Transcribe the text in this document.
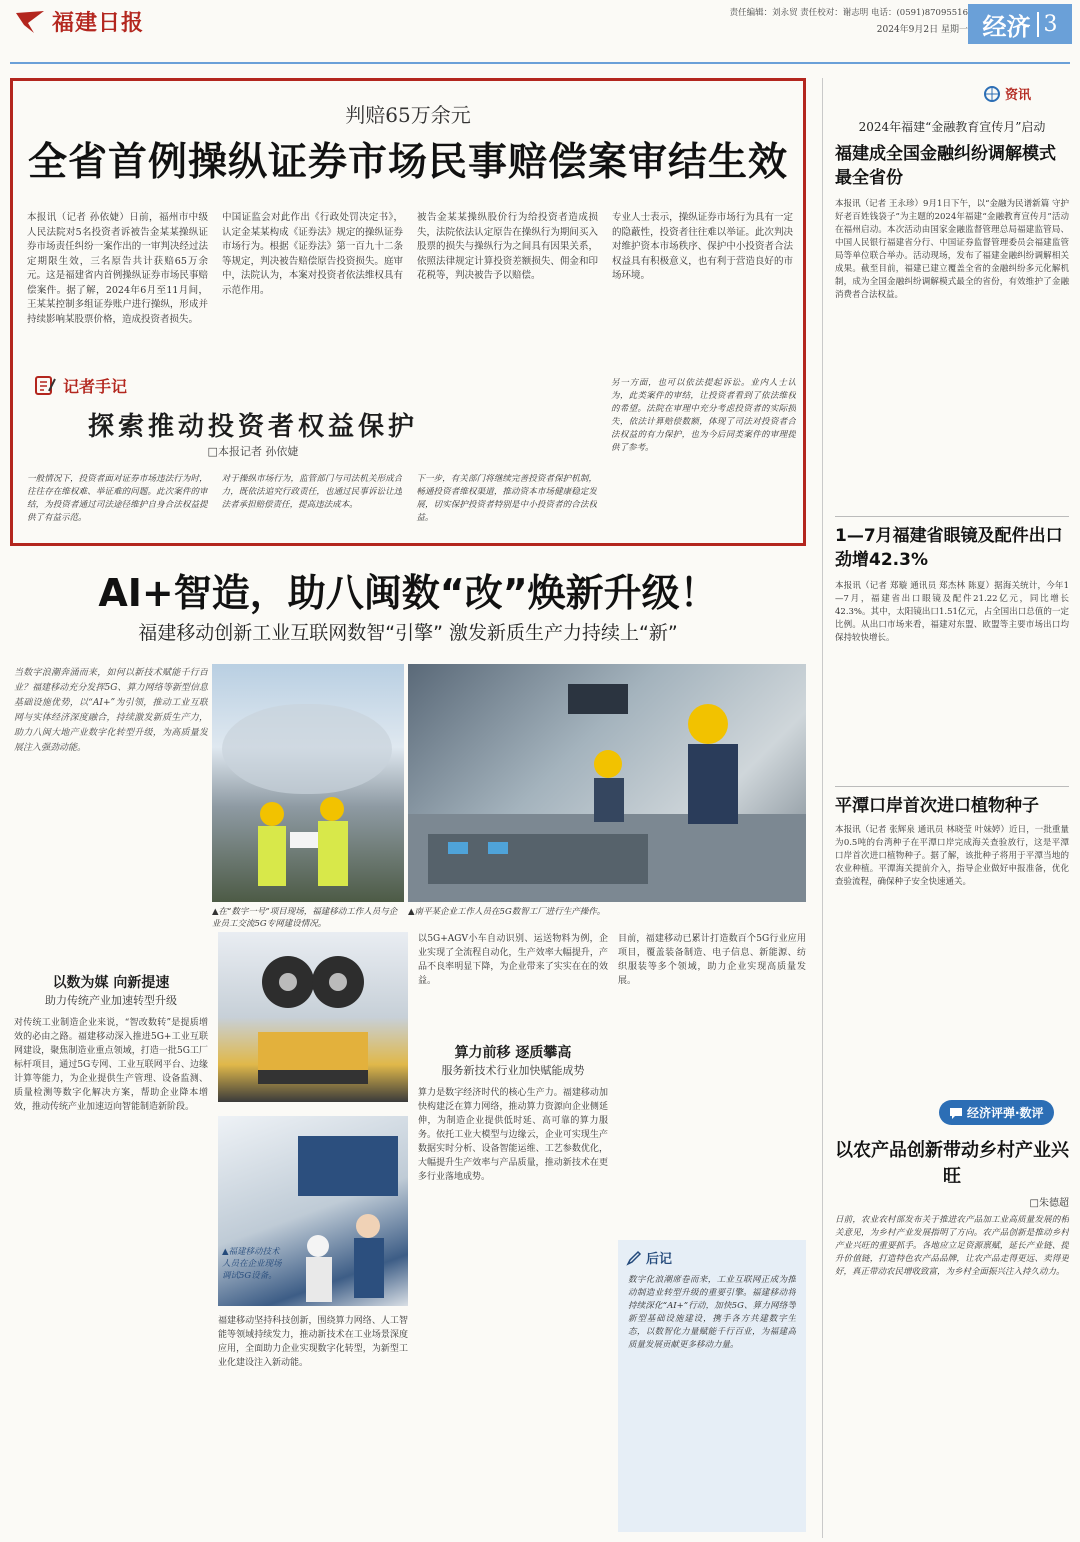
福建日报	责任编辑：刘永贸 责任校对：谢志明 电话：(0591)87095516
2024年9月2日 星期一 经济 3
判赔65万余元
全省首例操纵证券市场民事赔偿案审结生效
本报讯（记者 孙依婕）日前，福州市中级人民法院对5名投资者诉被告金某某操纵证券市场责任纠纷一案作出的一审判决经过法定期限生效，三名原告共计获赔65万余元。这是福建省内首例操纵证券市场民事赔偿案件。据了解，2024年6月至11月间，王某某控制多组证券账户进行操纵，形成并持续影响某股票价格，造成投资者损失。
中国证监会对此作出《行政处罚决定书》，认定金某某构成《证券法》规定的操纵证券市场行为。根据《证券法》第一百九十二条等规定，判决被告赔偿原告投资损失。庭审中，法院认为，本案对投资者依法维权具有示范作用。
被告金某某操纵股价行为给投资者造成损失，法院依法认定原告在操纵行为期间买入股票的损失与操纵行为之间具有因果关系，依照法律规定计算投资差额损失、佣金和印花税等，判决被告予以赔偿。
专业人士表示，操纵证券市场行为具有一定的隐蔽性，投资者往往难以举证。此次判决对维护资本市场秩序、保护中小投资者合法权益具有积极意义，也有利于营造良好的市场环境。
记者手记
探索推动投资者权益保护
□本报记者 孙依婕
一般情况下，投资者面对证券市场违法行为时，往往存在维权难、举证难的问题。此次案件的审结，为投资者通过司法途径维护自身合法权益提供了有益示范。
对于操纵市场行为，监管部门与司法机关形成合力，既依法追究行政责任，也通过民事诉讼让违法者承担赔偿责任，提高违法成本。
下一步，有关部门将继续完善投资者保护机制，畅通投资者维权渠道，推动资本市场健康稳定发展，切实保护投资者特别是中小投资者的合法权益。
另一方面，也可以依法提起诉讼。业内人士认为，此类案件的审结，让投资者看到了依法维权的希望。法院在审理中充分考虑投资者的实际损失，依法计算赔偿数额，体现了司法对投资者合法权益的有力保护，也为今后同类案件的审理提供了参考。
AI+智造，助八闽数“改”焕新升级！
福建移动创新工业互联网数智“引擎” 激发新质生产力持续上“新”
当数字浪潮奔涌而来，如何以新技术赋能千行百业？福建移动充分发挥5G、算力网络等新型信息基础设施优势，以“AI+”为引领，推动工业互联网与实体经济深度融合，持续激发新质生产力，助力八闽大地产业数字化转型升级，为高质量发展注入强劲动能。
▲在“数字一号”项目现场，福建移动工作人员与企业员工交流5G专网建设情况。
▲南平某企业工作人员在5G数智工厂进行生产操作。
以数为媒 向新提速
助力传统产业加速转型升级
对传统工业制造企业来说，“智改数转”是提质增效的必由之路。福建移动深入推进5G+工业互联网建设，聚焦制造业重点领域，打造一批5G工厂标杆项目，通过5G专网、工业互联网平台、边缘计算等能力，为企业提供生产管理、设备监测、质量检测等数字化解决方案，帮助企业降本增效，推动传统产业加速迈向智能制造新阶段。
▲福建移动技术人员在企业现场调试5G设备。
福建移动坚持科技创新，围绕算力网络、人工智能等领域持续发力，推动新技术在工业场景深度应用，全面助力企业实现数字化转型，为新型工业化建设注入新动能。
以5G+AGV小车自动识别、运送物料为例，企业实现了全流程自动化，生产效率大幅提升，产品不良率明显下降，为企业带来了实实在在的效益。
算力前移 逐质攀高
服务新技术行业加快赋能成势
算力是数字经济时代的核心生产力。福建移动加快构建泛在算力网络，推动算力资源向企业侧延伸，为制造企业提供低时延、高可靠的算力服务。依托工业大模型与边缘云，企业可实现生产数据实时分析、设备智能运维、工艺参数优化，大幅提升生产效率与产品质量，推动新技术在更多行业落地成势。
目前，福建移动已累计打造数百个5G行业应用项目，覆盖装备制造、电子信息、新能源、纺织服装等多个领域，助力企业实现高质量发展。
后记
数字化浪潮席卷而来，工业互联网正成为推动制造业转型升级的重要引擎。福建移动将持续深化“AI+”行动，加快5G、算力网络等新型基础设施建设，携手各方共建数字生态，以数智化力量赋能千行百业，为福建高质量发展贡献更多移动力量。
资讯
2024年福建“金融教育宣传月”启动
福建成全国金融纠纷调解模式最全省份
本报讯（记者 王永珍）9月1日下午，以“金融为民谱新篇 守护好老百姓钱袋子”为主题的2024年福建“金融教育宣传月”活动在福州启动。本次活动由国家金融监督管理总局福建监管局、中国人民银行福建省分行、中国证券监督管理委员会福建监管局等单位联合举办。活动现场，发布了福建金融纠纷调解相关成果。截至目前，福建已建立覆盖全省的金融纠纷多元化解机制，成为全国金融纠纷调解模式最全的省份，有效维护了金融消费者合法权益。
1—7月福建省眼镜及配件出口劲增42.3%
本报讯（记者 郑璇 通讯员 郑杰林 陈夏）据海关统计，今年1—7月，福建省出口眼镜及配件21.22亿元，同比增长42.3%。其中，太阳镜出口1.51亿元，占全国出口总值的一定比例。从出口市场来看，福建对东盟、欧盟等主要市场出口均保持较快增长。
平潭口岸首次进口植物种子
本报讯（记者 张辉泉 通讯员 林晓莹 叶妹婷）近日，一批重量为0.5吨的台湾种子在平潭口岸完成海关查验放行，这是平潭口岸首次进口植物种子。据了解，该批种子将用于平潭当地的农业种植。平潭海关提前介入，指导企业做好申报准备，优化查验流程，确保种子安全快速通关。
经济评弹·数评
以农产品创新带动乡村产业兴旺
□朱德超
日前，农业农村部发布关于推进农产品加工业高质量发展的相关意见，为乡村产业发展指明了方向。农产品创新是推动乡村产业兴旺的重要抓手。各地应立足资源禀赋，延长产业链、提升价值链，打造特色农产品品牌，让农产品走得更远、卖得更好，真正带动农民增收致富，为乡村全面振兴注入持久动力。
